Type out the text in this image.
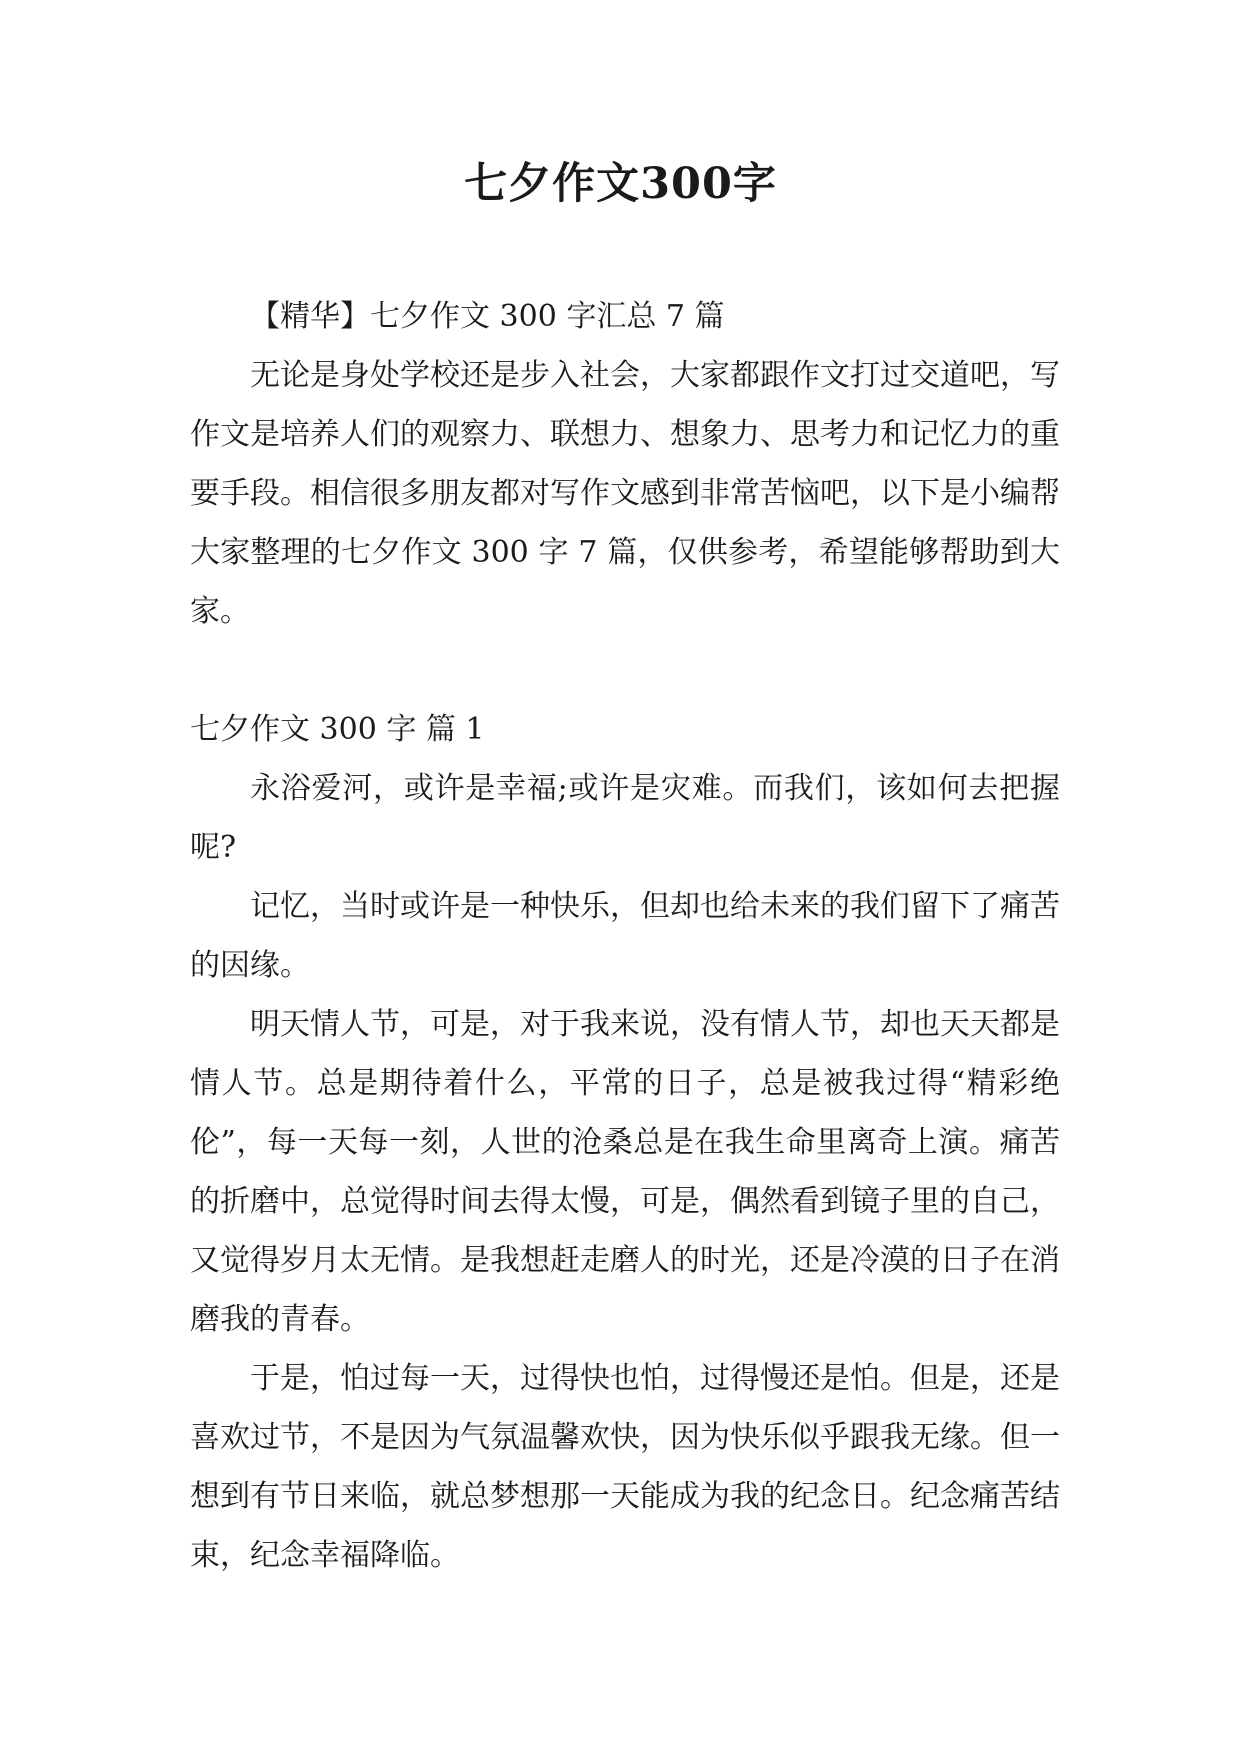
七夕作文300字

【精华】七夕作文 300 字汇总 7 篇

无论是身处学校还是步入社会，大家都跟作文打过交道吧，写作文是培养人们的观察力、联想力、想象力、思考力和记忆力的重要手段。相信很多朋友都对写作文感到非常苦恼吧，以下是小编帮大家整理的七夕作文 300 字 7 篇，仅供参考，希望能够帮助到大家。

七夕作文 300 字 篇 1

永浴爱河，或许是幸福;或许是灾难。而我们，该如何去把握呢?

记忆，当时或许是一种快乐，但却也给未来的我们留下了痛苦的因缘。

明天情人节，可是，对于我来说，没有情人节，却也天天都是情人节。总是期待着什么，平常的日子，总是被我过得“精彩绝伦”，每一天每一刻，人世的沧桑总是在我生命里离奇上演。痛苦的折磨中，总觉得时间去得太慢，可是，偶然看到镜子里的自己，又觉得岁月太无情。是我想赶走磨人的时光，还是冷漠的日子在消磨我的青春。

于是，怕过每一天，过得快也怕，过得慢还是怕。但是，还是喜欢过节，不是因为气氛温馨欢快，因为快乐似乎跟我无缘。但一想到有节日来临，就总梦想那一天能成为我的纪念日。纪念痛苦结束，纪念幸福降临。
